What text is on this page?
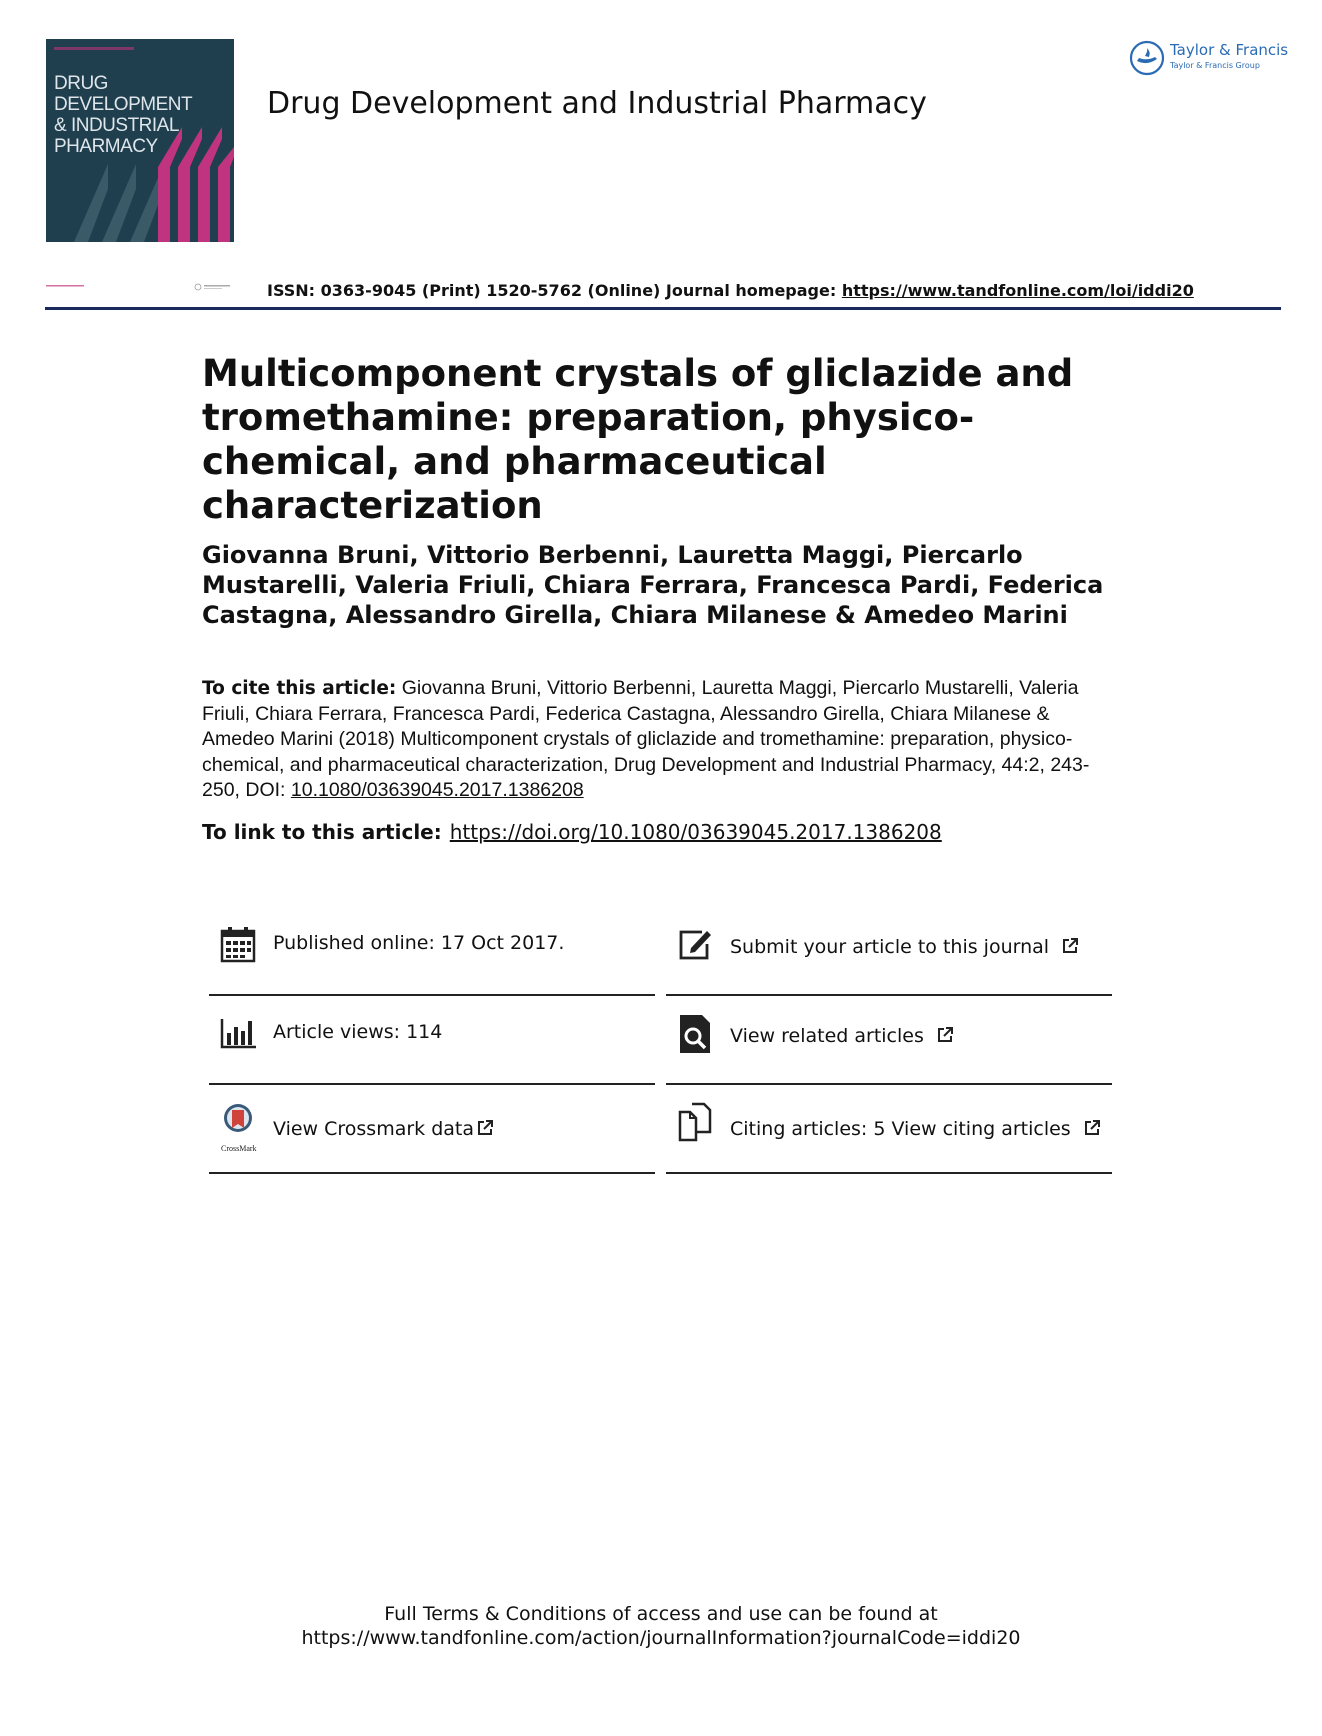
DRUG DEVELOPMENT
& INDUSTRIAL
PHARMACY
Drug Development and Industrial Pharmacy
Taylor & Francis
Taylor & Francis Group
ISSN: 0363-9045 (Print) 1520-5762 (Online) Journal homepage: https://www.tandfonline.com/loi/iddi20
Multicomponent crystals of gliclazide and tromethamine: preparation, physico-chemical, and pharmaceutical characterization
Giovanna Bruni, Vittorio Berbenni, Lauretta Maggi, Piercarlo Mustarelli, Valeria Friuli, Chiara Ferrara, Francesca Pardi, Federica Castagna, Alessandro Girella, Chiara Milanese & Amedeo Marini
To cite this article: Giovanna Bruni, Vittorio Berbenni, Lauretta Maggi, Piercarlo Mustarelli, Valeria Friuli, Chiara Ferrara, Francesca Pardi, Federica Castagna, Alessandro Girella, Chiara Milanese & Amedeo Marini (2018) Multicomponent crystals of gliclazide and tromethamine: preparation, physico-chemical, and pharmaceutical characterization, Drug Development and Industrial Pharmacy, 44:2, 243-250, DOI: 10.1080/03639045.2017.1386208
To link to this article: https://doi.org/10.1080/03639045.2017.1386208
Published online: 17 Oct 2017.	Submit your article to this journal
Article views: 114	View related articles
CrossMark
View Crossmark data	Citing articles: 5 View citing articles
Full Terms & Conditions of access and use can be found at
https://www.tandfonline.com/action/journalInformation?journalCode=iddi20
